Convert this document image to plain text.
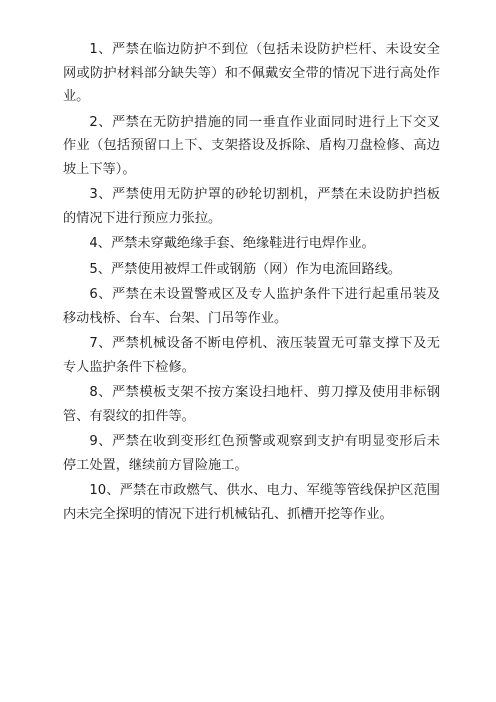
1、严禁在临边防护不到位（包括未设防护栏杆、未设安全网或防护材料部分缺失等）和不佩戴安全带的情况下进行高处作业。

2、严禁在无防护措施的同一垂直作业面同时进行上下交叉作业（包括预留口上下、支架搭设及拆除、盾构刀盘检修、高边坡上下等）。

3、严禁使用无防护罩的砂轮切割机，严禁在未设防护挡板的情况下进行预应力张拉。

4、严禁未穿戴绝缘手套、绝缘鞋进行电焊作业。

5、严禁使用被焊工件或钢筋（网）作为电流回路线。

6、严禁在未设置警戒区及专人监护条件下进行起重吊装及移动栈桥、台车、台架、门吊等作业。

7、严禁机械设备不断电停机、液压装置无可靠支撑下及无专人监护条件下检修。

8、严禁模板支架不按方案设扫地杆、剪刀撑及使用非标钢管、有裂纹的扣件等。

9、严禁在收到变形红色预警或观察到支护有明显变形后未停工处置，继续前方冒险施工。

10、严禁在市政燃气、供水、电力、军缆等管线保护区范围内未完全探明的情况下进行机械钻孔、抓槽开挖等作业。
